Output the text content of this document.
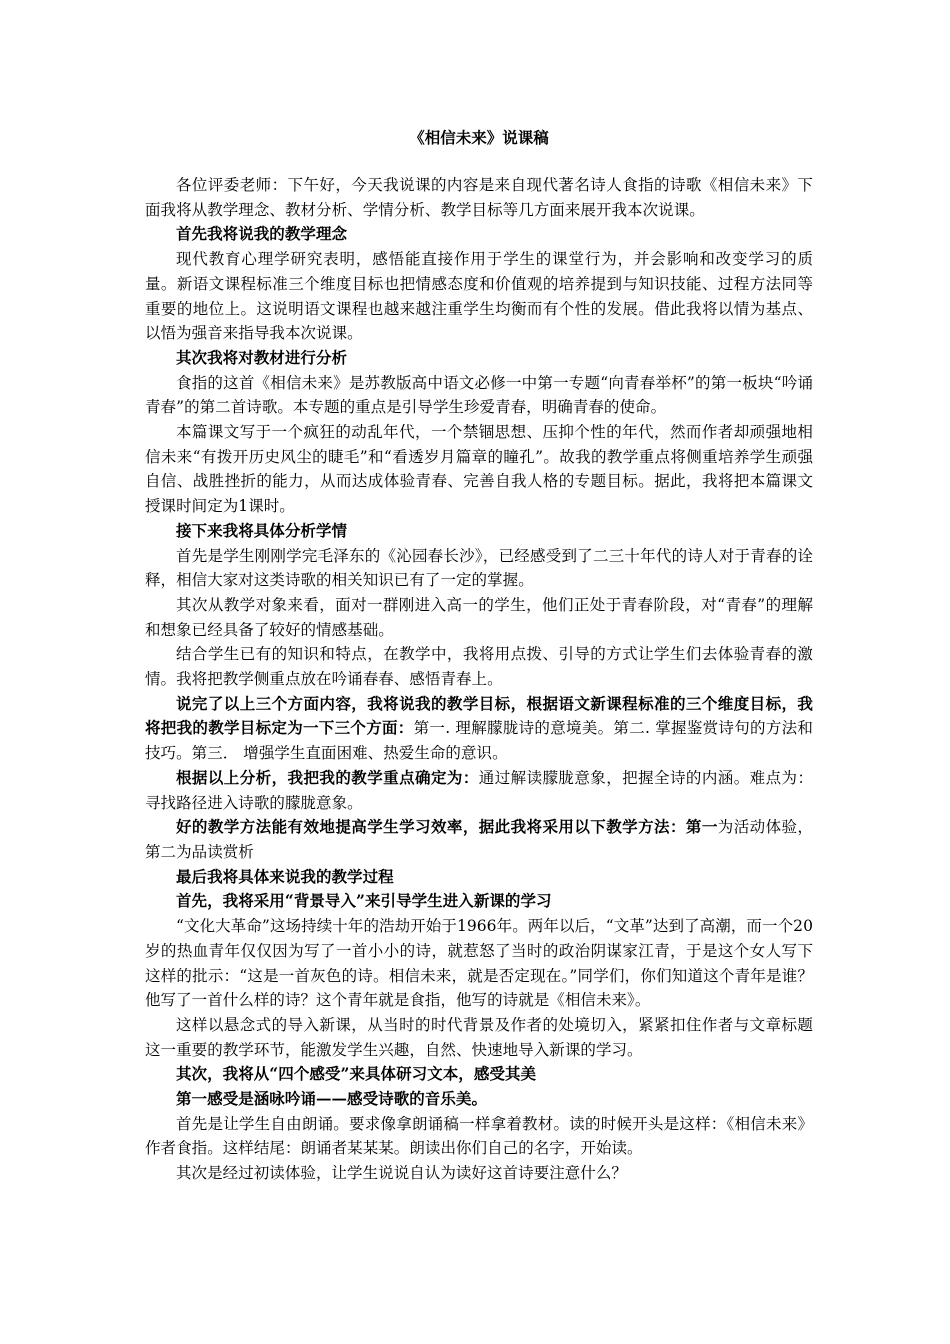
《相信未来》说课稿

各位评委老师：下午好，今天我说课的内容是来自现代著名诗人食指的诗歌《相信未来》下面我将从教学理念、教材分析、学情分析、教学目标等几方面来展开我本次说课。

首先我将说我的教学理念

现代教育心理学研究表明，感悟能直接作用于学生的课堂行为，并会影响和改变学习的质量。新语文课程标准三个维度目标也把情感态度和价值观的培养提到与知识技能、过程方法同等重要的地位上。这说明语文课程也越来越注重学生均衡而有个性的发展。借此我将以情为基点、以悟为强音来指导我本次说课。

其次我将对教材进行分析

食指的这首《相信未来》是苏教版高中语文必修一中第一专题“向青春举杯”的第一板块“吟诵青春”的第二首诗歌。本专题的重点是引导学生珍爱青春，明确青春的使命。

本篇课文写于一个疯狂的动乱年代，一个禁锢思想、压抑个性的年代，然而作者却顽强地相信未来“有拨开历史风尘的睫毛”和“看透岁月篇章的瞳孔”。故我的教学重点将侧重培养学生顽强自信、战胜挫折的能力，从而达成体验青春、完善自我人格的专题目标。据此，我将把本篇课文授课时间定为1课时。

接下来我将具体分析学情

首先是学生刚刚学完毛泽东的《沁园春长沙》，已经感受到了二三十年代的诗人对于青春的诠释，相信大家对这类诗歌的相关知识已有了一定的掌握。

其次从教学对象来看，面对一群刚进入高一的学生，他们正处于青春阶段，对“青春”的理解和想象已经具备了较好的情感基础。

结合学生已有的知识和特点，在教学中，我将用点拨、引导的方式让学生们去体验青春的激情。我将把教学侧重点放在吟诵春春、感悟青春上。

说完了以上三个方面内容，我将说我的教学目标，根据语文新课程标准的三个维度目标，我将把我的教学目标定为一下三个方面：第一. 理解朦胧诗的意境美。第二. 掌握鉴赏诗句的方法和技巧。第三． 增强学生直面困难、热爱生命的意识。

根据以上分析，我把我的教学重点确定为：通过解读朦胧意象，把握全诗的内涵。难点为：寻找路径进入诗歌的朦胧意象。

好的教学方法能有效地提高学生学习效率，据此我将采用以下教学方法：第一为活动体验，第二为品读赏析

最后我将具体来说我的教学过程

首先，我将采用“背景导入”来引导学生进入新课的学习

“文化大革命”这场持续十年的浩劫开始于1966年。两年以后，“文革”达到了高潮，而一个20岁的热血青年仅仅因为写了一首小小的诗，就惹怒了当时的政治阴谋家江青，于是这个女人写下这样的批示：“这是一首灰色的诗。相信未来，就是否定现在。”同学们，你们知道这个青年是谁？他写了一首什么样的诗？这个青年就是食指，他写的诗就是《相信未来》。

这样以悬念式的导入新课，从当时的时代背景及作者的处境切入，紧紧扣住作者与文章标题这一重要的教学环节，能激发学生兴趣，自然、快速地导入新课的学习。

其次，我将从“四个感受”来具体研习文本，感受其美

第一感受是涵咏吟诵——感受诗歌的音乐美。

首先是让学生自由朗诵。要求像拿朗诵稿一样拿着教材。读的时候开头是这样：《相信未来》作者食指。这样结尾：朗诵者某某某。朗读出你们自己的名字，开始读。

其次是经过初读体验，让学生说说自认为读好这首诗要注意什么？
